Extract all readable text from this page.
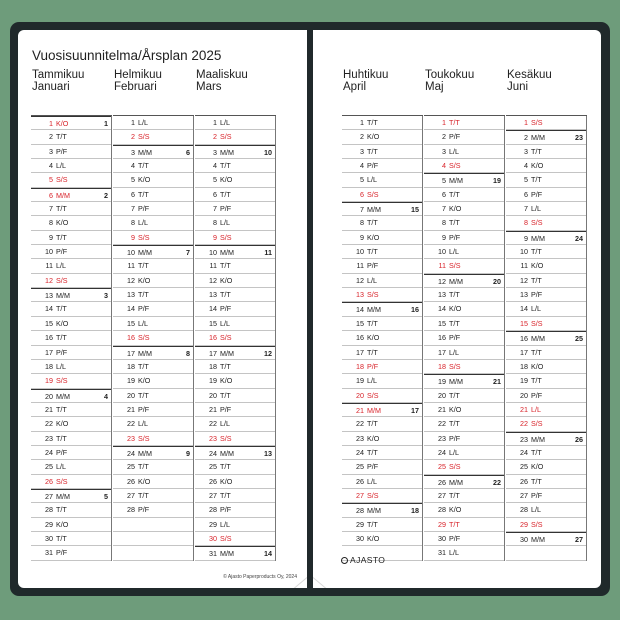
Vuosisuunnitelma/Årsplan 2025
Tammikuu
Januari
1 K/O	1
2 T/T
3 P/F
4 L/L
5 S/S
6 M/M	2
7 T/T
8 K/O
9 T/T
10 P/F
11 L/L
12 S/S
13 M/M	3
14 T/T
15 K/O
16 T/T
17 P/F
18 L/L
19 S/S
20 M/M	4
21 T/T
22 K/O
23 T/T
24 P/F
25 L/L
26 S/S
27 M/M	5
28 T/T
29 K/O
30 T/T
31 P/F
Helmikuu
Februari
1 L/L
2 S/S
3 M/M	6
4 T/T
5 K/O
6 T/T
7 P/F
8 L/L
9 S/S
10 M/M	7
11 T/T
12 K/O
13 T/T
14 P/F
15 L/L
16 S/S
17 M/M	8
18 T/T
19 K/O
20 T/T
21 P/F
22 L/L
23 S/S
24 M/M	9
25 T/T
26 K/O
27 T/T
28 P/F
Maaliskuu
Mars
1 L/L
2 S/S
3 M/M	10
4 T/T
5 K/O
6 T/T
7 P/F
8 L/L
9 S/S
10 M/M	11
11 T/T
12 K/O
13 T/T
14 P/F
15 L/L
16 S/S
17 M/M	12
18 T/T
19 K/O
20 T/T
21 P/F
22 L/L
23 S/S
24 M/M	13
25 T/T
26 K/O
27 T/T
28 P/F
29 L/L
30 S/S
31 M/M	14
© Ajasto Paperproducts Oy, 2024
Huhtikuu
April
1 T/T
2 K/O
3 T/T
4 P/F
5 L/L
6 S/S
7 M/M	15
8 T/T
9 K/O
10 T/T
11 P/F
12 L/L
13 S/S
14 M/M	16
15 T/T
16 K/O
17 T/T
18 P/F
19 L/L
20 S/S
21 M/M	17
22 T/T
23 K/O
24 T/T
25 P/F
26 L/L
27 S/S
28 M/M	18
29 T/T
30 K/O
Toukokuu
Maj
1 T/T
2 P/F
3 L/L
4 S/S
5 M/M	19
6 T/T
7 K/O
8 T/T
9 P/F
10 L/L
11 S/S
12 M/M	20
13 T/T
14 K/O
15 T/T
16 P/F
17 L/L
18 S/S
19 M/M	21
20 T/T
21 K/O
22 T/T
23 P/F
24 L/L
25 S/S
26 M/M	22
27 T/T
28 K/O
29 T/T
30 P/F
31 L/L
Kesäkuu
Juni
1 S/S
2 M/M	23
3 T/T
4 K/O
5 T/T
6 P/F
7 L/L
8 S/S
9 M/M	24
10 T/T
11 K/O
12 T/T
13 P/F
14 L/L
15 S/S
16 M/M	25
17 T/T
18 K/O
19 T/T
20 P/F
21 L/L
22 S/S
23 M/M	26
24 T/T
25 K/O
26 T/T
27 P/F
28 L/L
29 S/S
30 M/M	27
AJASTO
